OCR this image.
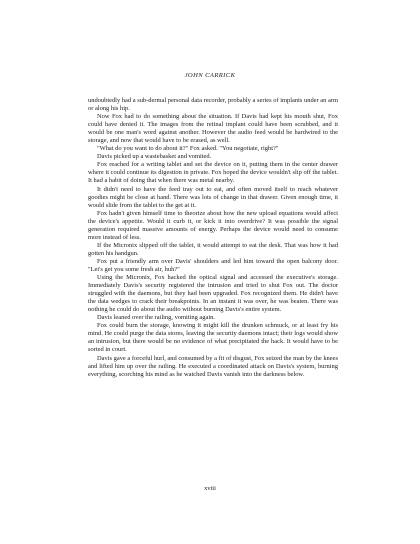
JOHN CARRICK

undoubtedly had a sub-dermal personal data recorder, probably a series of implants under an arm or along his hip.

Now Fox had to do something about the situation. If Davis had kept his mouth shut, Fox could have denied it. The images from the retinal implant could have been scrubbed, and it would be one man's word against another. However the audio feed would be hardwired to the storage, and now that would have to be erased, as well.

"What do you want to do about it?" Fox asked. "You negotiate, right?"

Davis picked up a wastebasket and vomited.

Fox reached for a writing tablet and set the device on it, putting them in the center drawer where it could continue its digestion in private. Fox hoped the device wouldn't slip off the tablet. It had a habit of doing that when there was metal nearby.

It didn't need to have the feed tray out to eat, and often moved itself to reach whatever goodies might be close at hand. There was lots of change in that drawer. Given enough time, it would slide from the tablet to the get at it.

Fox hadn't given himself time to theorize about how the new upload equations would affect the device's appetite. Would it curb it, or kick it into overdrive? It was possible the signal generation required massive amounts of energy. Perhaps the device would need to consume more instead of less.

If the Micronix slipped off the tablet, it would attempt to eat the desk. That was how it had gotten his handgun.

Fox put a friendly arm over Davis' shoulders and led him toward the open balcony door. "Let's get you some fresh air, huh?"

Using the Micronix, Fox hacked the optical signal and accessed the executive's storage. Immediately Davis's security registered the intrusion and tried to shut Fox out. The doctor struggled with the daemons, but they had been upgraded. Fox recognized them. He didn't have the data wedges to crack their breakpoints. In an instant it was over, he was beaten. There was nothing he could do about the audio without burning Davis's entire system.

Davis leaned over the railing, vomiting again.

Fox could burn the storage, knowing it might kill the drunken schmuck, or at least fry his mind. He could purge the data stores, leaving the security daemons intact; their logs would show an intrusion, but there would be no evidence of what precipitated the hack. It would have to be sorted in court.

Davis gave a forceful hurl, and consumed by a fit of disgust, Fox seized the man by the knees and lifted him up over the railing. He executed a coordinated attack on Davis's system, burning everything, scorching his mind as he watched Davis vanish into the darkness below.

xviii
